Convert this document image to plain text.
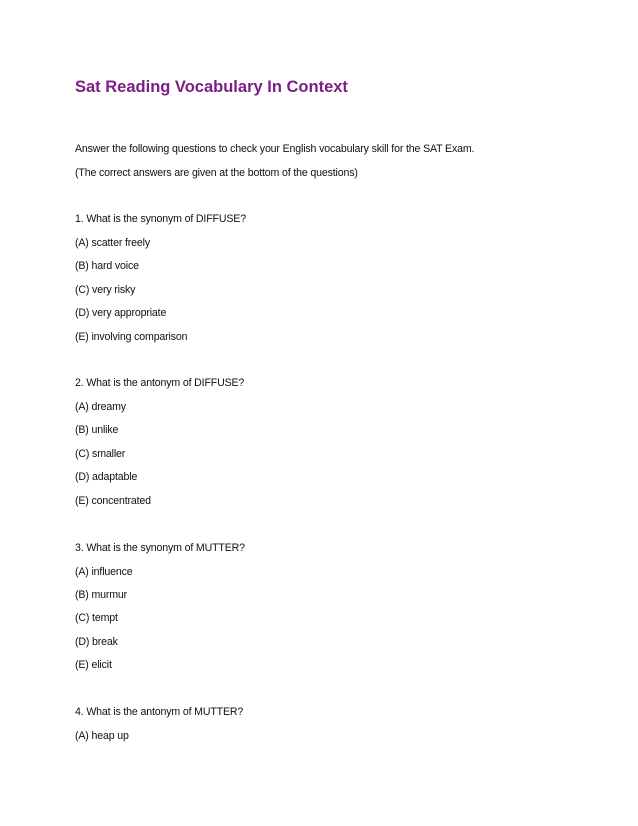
Sat Reading Vocabulary In Context
Answer the following questions to check your English vocabulary skill for the SAT Exam.
(The correct answers are given at the bottom of the questions)
1. What is the synonym of DIFFUSE?
(A) scatter freely
(B) hard voice
(C) very risky
(D) very appropriate
(E) involving comparison
2. What is the antonym of DIFFUSE?
(A) dreamy
(B) unlike
(C) smaller
(D) adaptable
(E) concentrated
3. What is the synonym of MUTTER?
(A) influence
(B) murmur
(C) tempt
(D) break
(E) elicit
4. What is the antonym of MUTTER?
(A) heap up
